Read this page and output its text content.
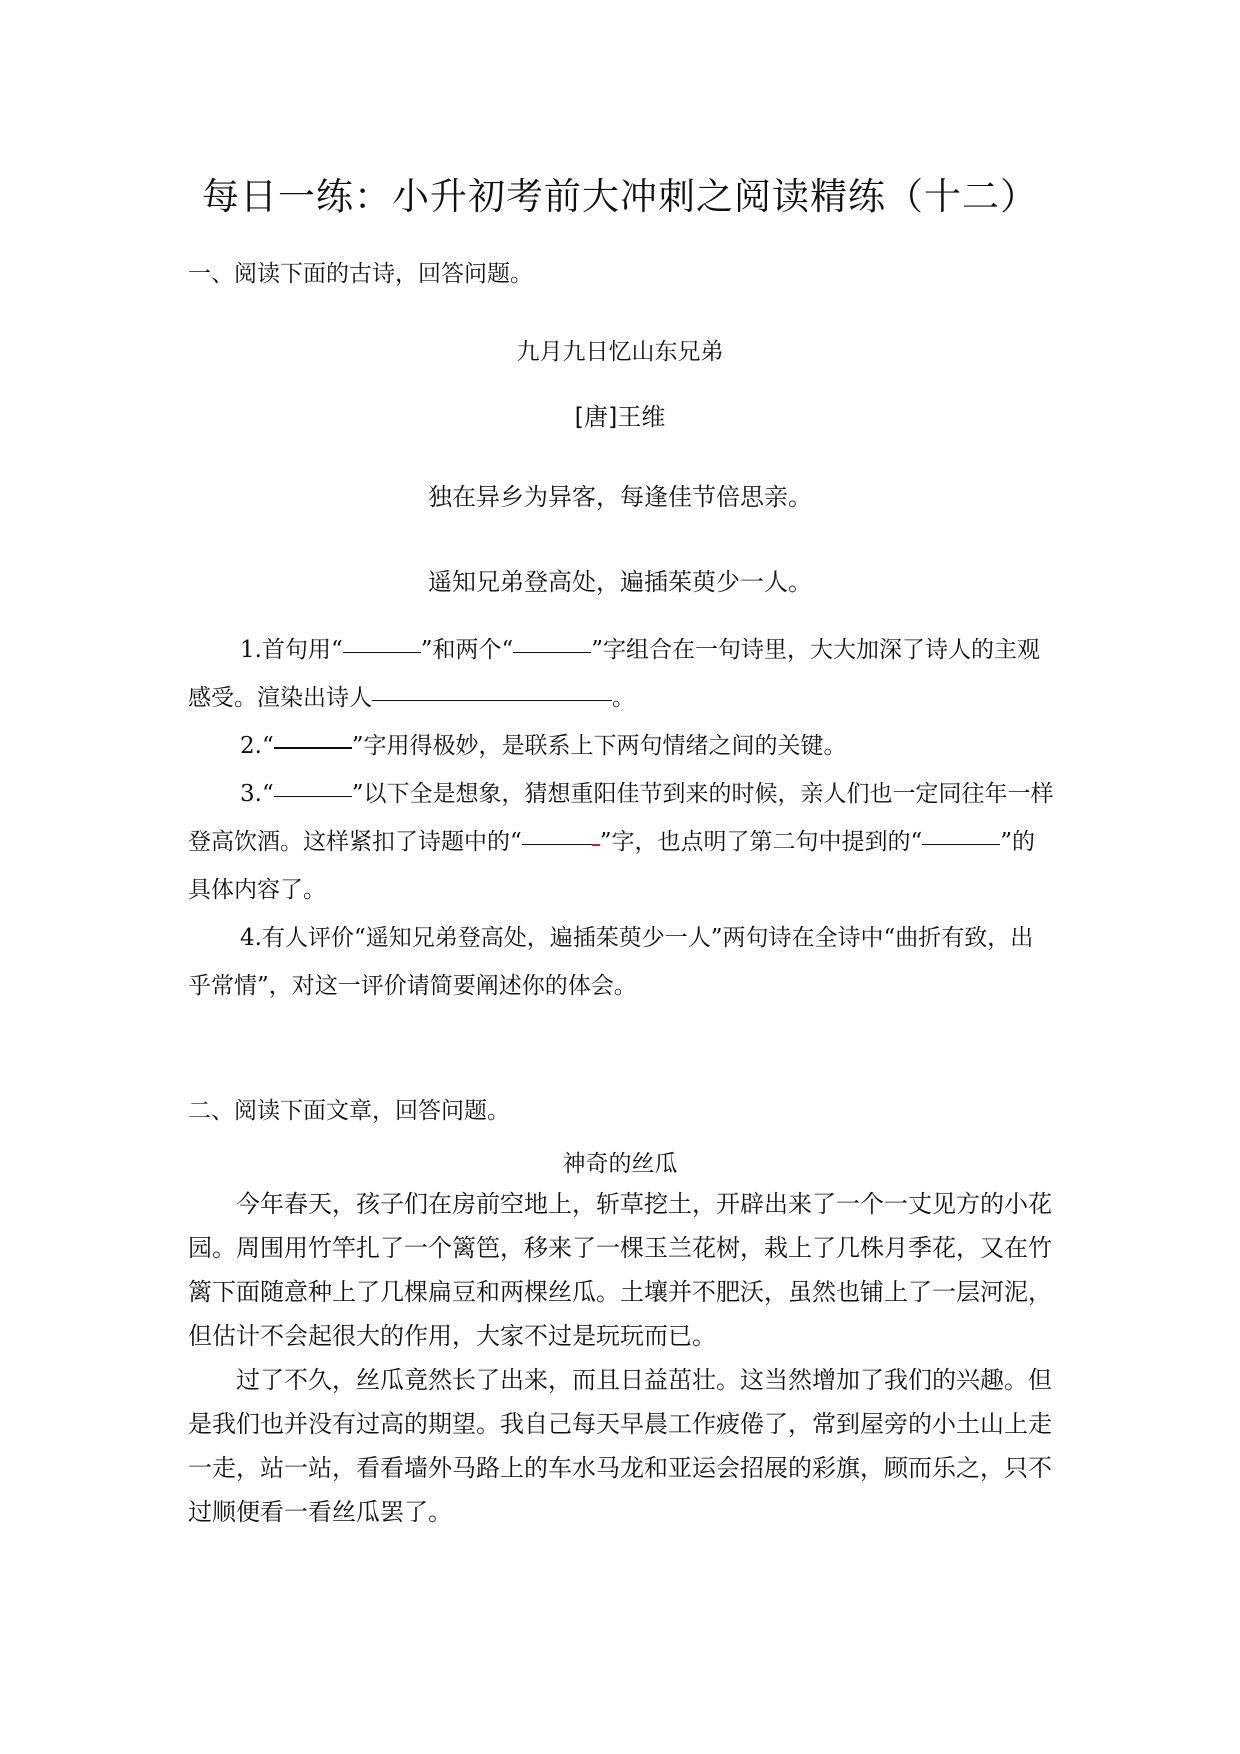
每日一练：小升初考前大冲刺之阅读精练（十二）
一、阅读下面的古诗，回答问题。
九月九日忆山东兄弟
[唐]王维
独在异乡为异客，每逢佳节倍思亲。
遥知兄弟登高处，遍插茱萸少一人。

1.首句用“	”和两个“	”字组合在一句诗里，大大加深了诗人的主观感受。渲染出诗人	。

2.“	”字用得极妙，是联系上下两句情绪之间的关键。

3.“	”以下全是想象，猜想重阳佳节到来的时候，亲人们也一定同往年一样登高饮酒。这样紧扣了诗题中的“	”字，也点明了第二句中提到的“	”的具体内容了。

4.有人评价“遥知兄弟登高处，遍插茱萸少一人”两句诗在全诗中“曲折有致，出乎常情”，对这一评价请简要阐述你的体会。

二、阅读下面文章，回答问题。
神奇的丝瓜

今年春天，孩子们在房前空地上，斩草挖土，开辟出来了一个一丈见方的小花园。周围用竹竿扎了一个篱笆，移来了一棵玉兰花树，栽上了几株月季花，又在竹篱下面随意种上了几棵扁豆和两棵丝瓜。土壤并不肥沃，虽然也铺上了一层河泥，但估计不会起很大的作用，大家不过是玩玩而已。

过了不久，丝瓜竟然长了出来，而且日益茁壮。这当然增加了我们的兴趣。但是我们也并没有过高的期望。我自己每天早晨工作疲倦了，常到屋旁的小土山上走一走，站一站，看看墙外马路上的车水马龙和亚运会招展的彩旗，顾而乐之，只不过顺便看一看丝瓜罢了。
